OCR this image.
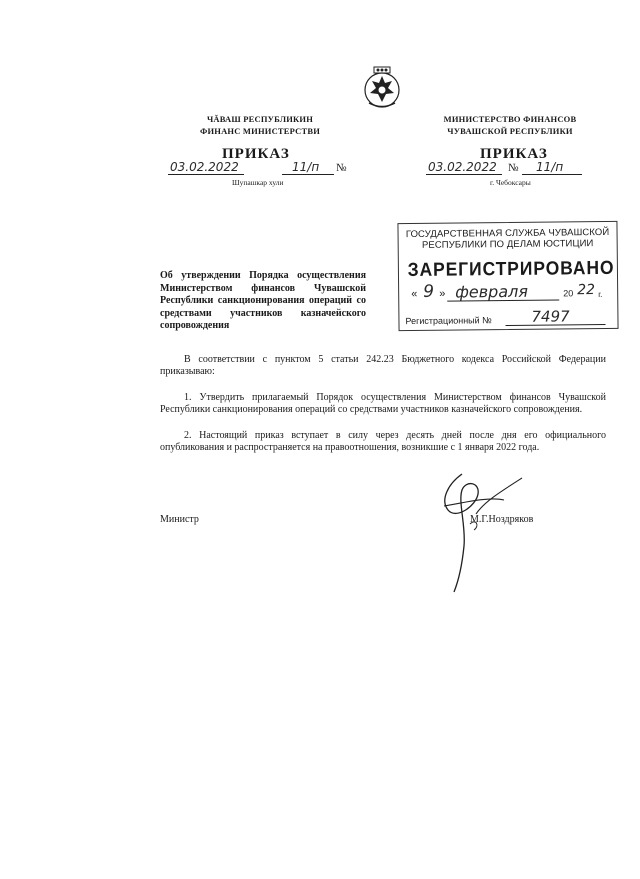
ЧĂВАШ РЕСПУБЛИКИН
ФИНАНС МИНИСТЕРСТВИ
МИНИСТЕРСТВО ФИНАНСОВ
ЧУВАШСКОЙ РЕСПУБЛИКИ
ПРИКАЗ	ПРИКАЗ
03.02.2022	11/п №
Шупашкар хули
03.02.2022 № 11/п
г. Чебоксары
ГОСУДАРСТВЕННАЯ СЛУЖБА ЧУВАШСКОЙ
РЕСПУБЛИКИ ПО ДЕЛАМ ЮСТИЦИИ
ЗАРЕГИСТРИРОВАНО
« 9 » февраля	20 22 г.
Регистрационный №	7497
Об утверждении Порядка осуществления Министерством финансов Чувашской Республики санкционирования операций со средствами участников казначейского сопровождения
В соответствии с пунктом 5 статьи 242.23 Бюджетного кодекса Российской Федерации приказываю:
1. Утвердить прилагаемый Порядок осуществления Министерством финансов Чувашской Республики санкционирования операций со средствами участников казначейского сопровождения.
2. Настоящий приказ вступает в силу через десять дней после дня его официального опубликования и распространяется на правоотношения, возникшие с 1 января 2022 года.
Министр	М.Г.Ноздряков
